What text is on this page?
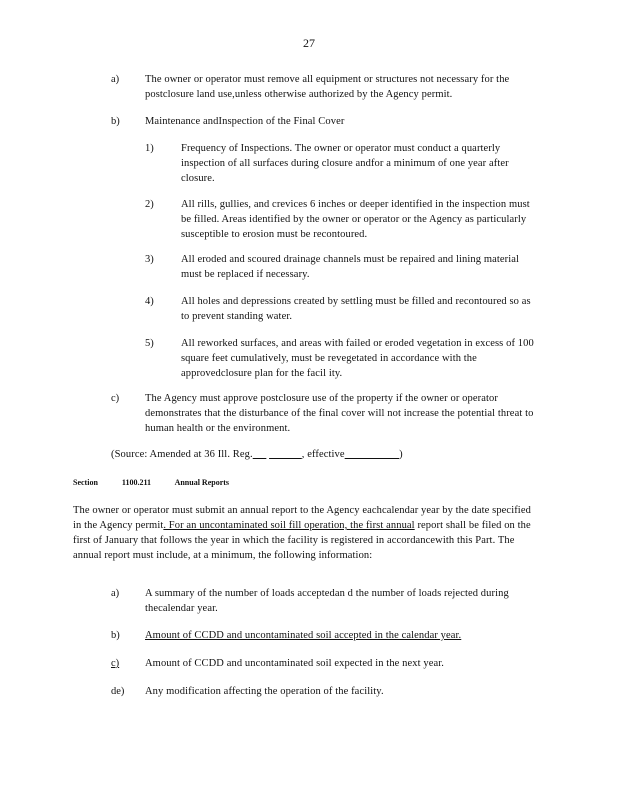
27
a) The owner or operator must remove all equipment or structures not necessary for the postclosure land use,unless otherwise authorized by the Agency permit.
b) Maintenance andInspection of the Final Cover
1)	Frequency of Inspections. The owner or operator must conduct a quarterly inspection of all surfaces during closure andfor a minimum of one year after closure.
2)	All rills, gullies, and crevices 6 inches or deeper identified in the inspection must be filled. Areas identified by the owner or operator or the Agency as particularly susceptible to erosion must be recontoured.
3)	All eroded and scoured drainage channels must be repaired and lining material must be replaced if necessary.
4)	All holes and depressions created by settling must be filled and recontoured so as to prevent standing water.
5)	All reworked surfaces, and areas with failed or eroded vegetation in excess of 100 square feet cumulatively, must be revegetated in accordance with the approvedclosure plan for the facil ity.
c) The Agency must approve postclosure use of the property if the owner or operator demonstrates that the disturbance of the final cover will not increase the potential threat to human health or the environment.
(Source: Amended at 36 Ill. Reg.	, effective	)
Section	1100.211	Annual Reports
The owner or operator must submit an annual report to the Agency eachcalendar year by the date specified in the Agency permit. For an uncontaminated soil fill operation, the first annual report shall be filed on the first of January that follows the year in which the facility is registered in accordancewith this Part. The annual report must include, at a minimum, the following information:
a) A summary of the number of loads acceptedan d the number of loads rejected during thecalendar year.
b) Amount of CCDD and uncontaminated soil accepted in the calendar year.
c) Amount of CCDD and uncontaminated soil expected in the next year.
de) Any modification affecting the operation of the facility.
